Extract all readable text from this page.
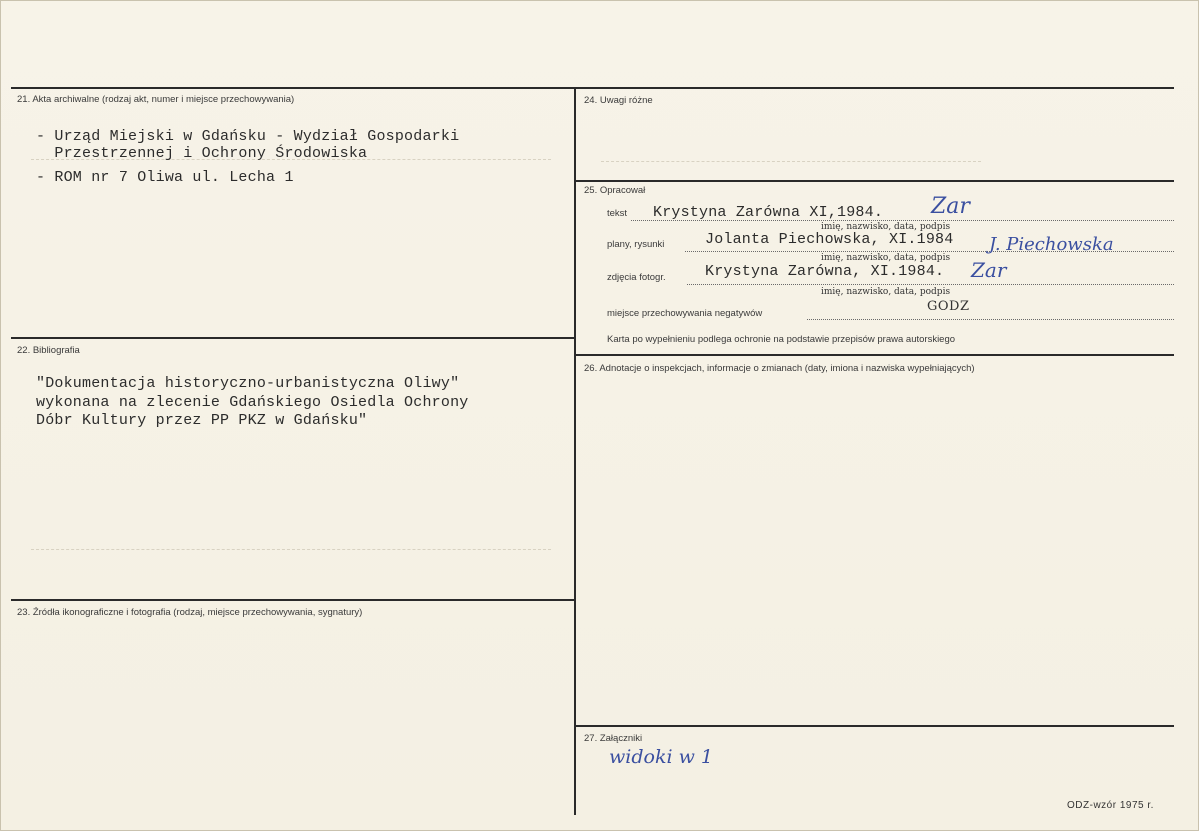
21. Akta archiwalne (rodzaj akt, numer i miejsce przechowywania)
- Urząd Miejski w Gdańsku - Wydział Gospodarki
Przestrzennej i Ochrony Środowiska
- ROM nr 7 Oliwa ul. Lecha 1
22. Bibliografia
"Dokumentacja historyczno-urbanistyczna Oliwy"
wykonana na zlecenie Gdańskiego Osiedla Ochrony
Dóbr Kultury przez PP PKZ w Gdańsku"
23. Źródła ikonograficzne i fotografia (rodzaj, miejsce przechowywania, sygnatury)
24. Uwagi różne
25. Opracował
tekst Krystyna Zarówna XI,1984. Zar
imię, nazwisko, data, podpis
plany, rysunki	Jolanta Piechowska, XI.1984 J. Piechowska
imię, nazwisko, data, podpis
zdjęcia fotogr.	Krystyna Zarówna, XI.1984. Zar
imię, nazwisko, data, podpis
miejsce przechowywania negatywów	GODZ
Karta po wypełnieniu podlega ochronie na podstawie przepisów prawa autorskiego
26. Adnotacje o inspekcjach, informacje o zmianach (daty, imiona i nazwiska wypełniających)
27. Załączniki
widoki w 1
ODZ-wzór 1975 r.
